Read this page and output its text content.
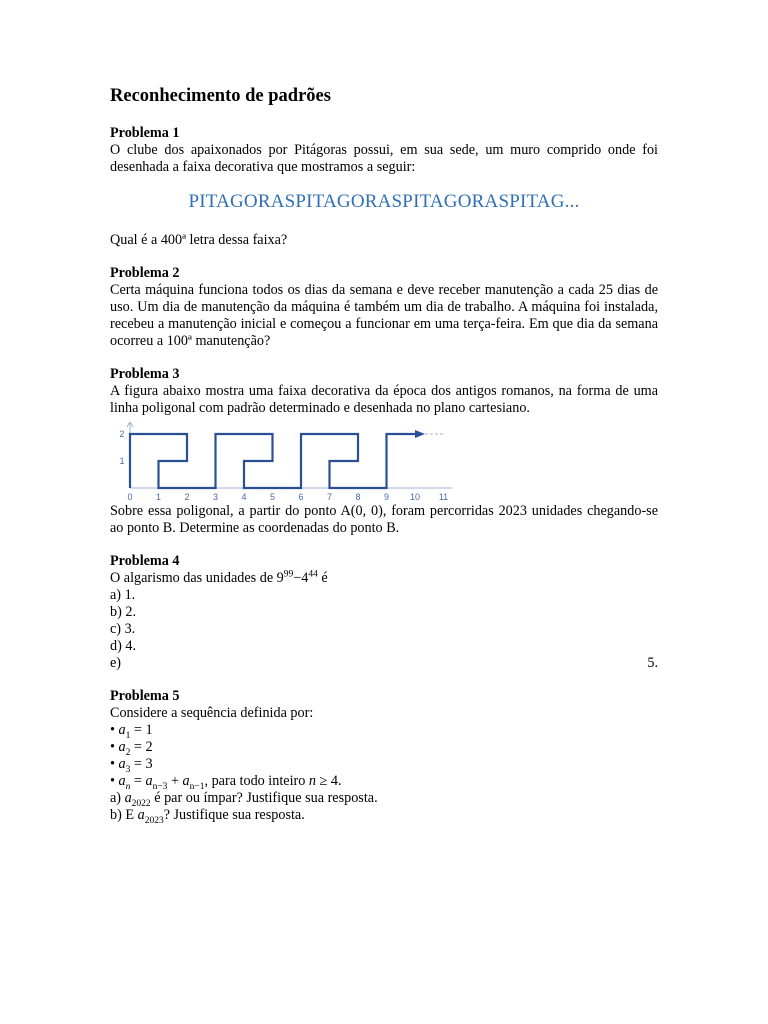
Reconhecimento de padrões
Problema 1
O clube dos apaixonados por Pitágoras possui, em sua sede, um muro comprido onde foi desenhada a faixa decorativa que mostramos a seguir:
PITAGORASPITAGORASPITAGORASPITAG...
Qual é a 400ª letra dessa faixa?
Problema 2
Certa máquina funciona todos os dias da semana e deve receber manutenção a cada 25 dias de uso. Um dia de manutenção da máquina é também um dia de trabalho. A máquina foi instalada, recebeu a manutenção inicial e começou a funcionar em uma terça-feira. Em que dia da semana ocorreu a 100ª manutenção?
Problema 3
A figura abaixo mostra uma faixa decorativa da época dos antigos romanos, na forma de uma linha poligonal com padrão determinado e desenhada no plano cartesiano.
Sobre essa poligonal, a partir do ponto A(0, 0), foram percorridas 2023 unidades chegando-se ao ponto B. Determine as coordenadas do ponto B.
Problema 4
O algarismo das unidades de $9^{99}-4^{44}$ é
a) 1.
b) 2.
c) 3.
d) 4.
e)	5.
Problema 5
Considere a sequência definida por:
• $a_1 = 1$
• $a_2 = 2$
• $a_3 = 3$
• $a_n = a_{n-3} + a_{n-1}$, para todo inteiro n ≥ 4.
a) $a_{2022}$ é par ou ímpar? Justifique sua resposta.
b) E $a_{2023}$? Justifique sua resposta.
0	1	2	3	4	5	6	7	8	9 10 11
1
2
